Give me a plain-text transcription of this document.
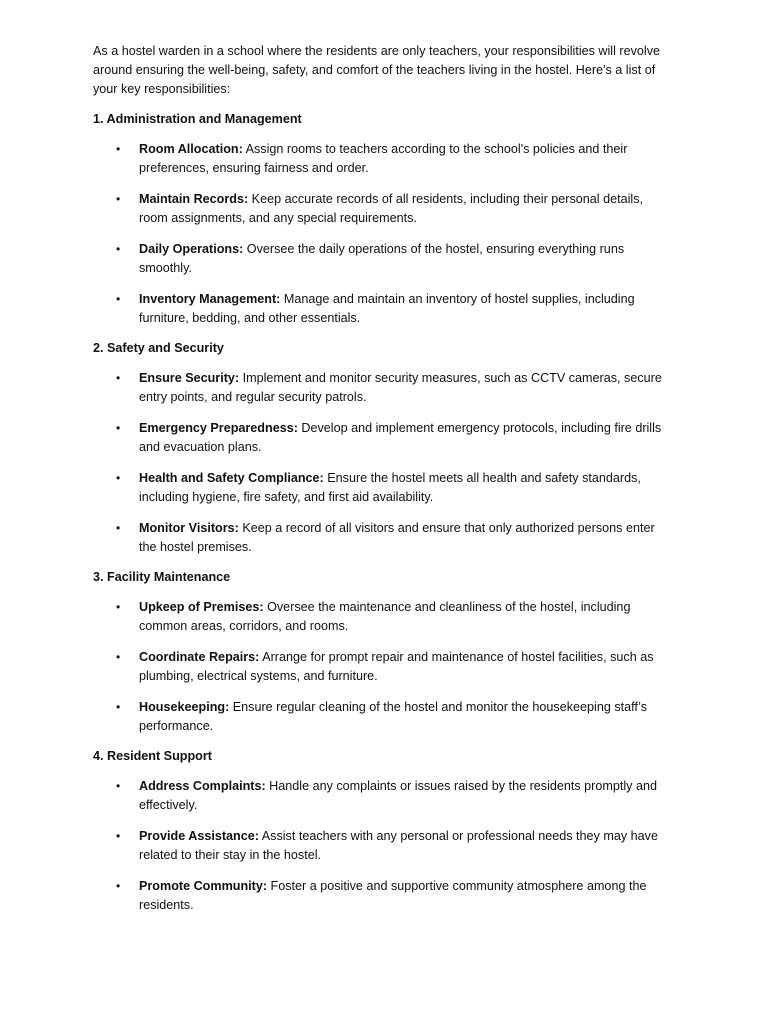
As a hostel warden in a school where the residents are only teachers, your responsibilities will revolve around ensuring the well-being, safety, and comfort of the teachers living in the hostel. Here's a list of your key responsibilities:

1. Administration and Management

• Room Allocation: Assign rooms to teachers according to the school's policies and their preferences, ensuring fairness and order.
• Maintain Records: Keep accurate records of all residents, including their personal details, room assignments, and any special requirements.
• Daily Operations: Oversee the daily operations of the hostel, ensuring everything runs smoothly.
• Inventory Management: Manage and maintain an inventory of hostel supplies, including furniture, bedding, and other essentials.

2. Safety and Security

• Ensure Security: Implement and monitor security measures, such as CCTV cameras, secure entry points, and regular security patrols.
• Emergency Preparedness: Develop and implement emergency protocols, including fire drills and evacuation plans.
• Health and Safety Compliance: Ensure the hostel meets all health and safety standards, including hygiene, fire safety, and first aid availability.
• Monitor Visitors: Keep a record of all visitors and ensure that only authorized persons enter the hostel premises.

3. Facility Maintenance

• Upkeep of Premises: Oversee the maintenance and cleanliness of the hostel, including common areas, corridors, and rooms.
• Coordinate Repairs: Arrange for prompt repair and maintenance of hostel facilities, such as plumbing, electrical systems, and furniture.
• Housekeeping: Ensure regular cleaning of the hostel and monitor the housekeeping staff’s performance.

4. Resident Support

• Address Complaints: Handle any complaints or issues raised by the residents promptly and effectively.
• Provide Assistance: Assist teachers with any personal or professional needs they may have related to their stay in the hostel.
• Promote Community: Foster a positive and supportive community atmosphere among the residents.
